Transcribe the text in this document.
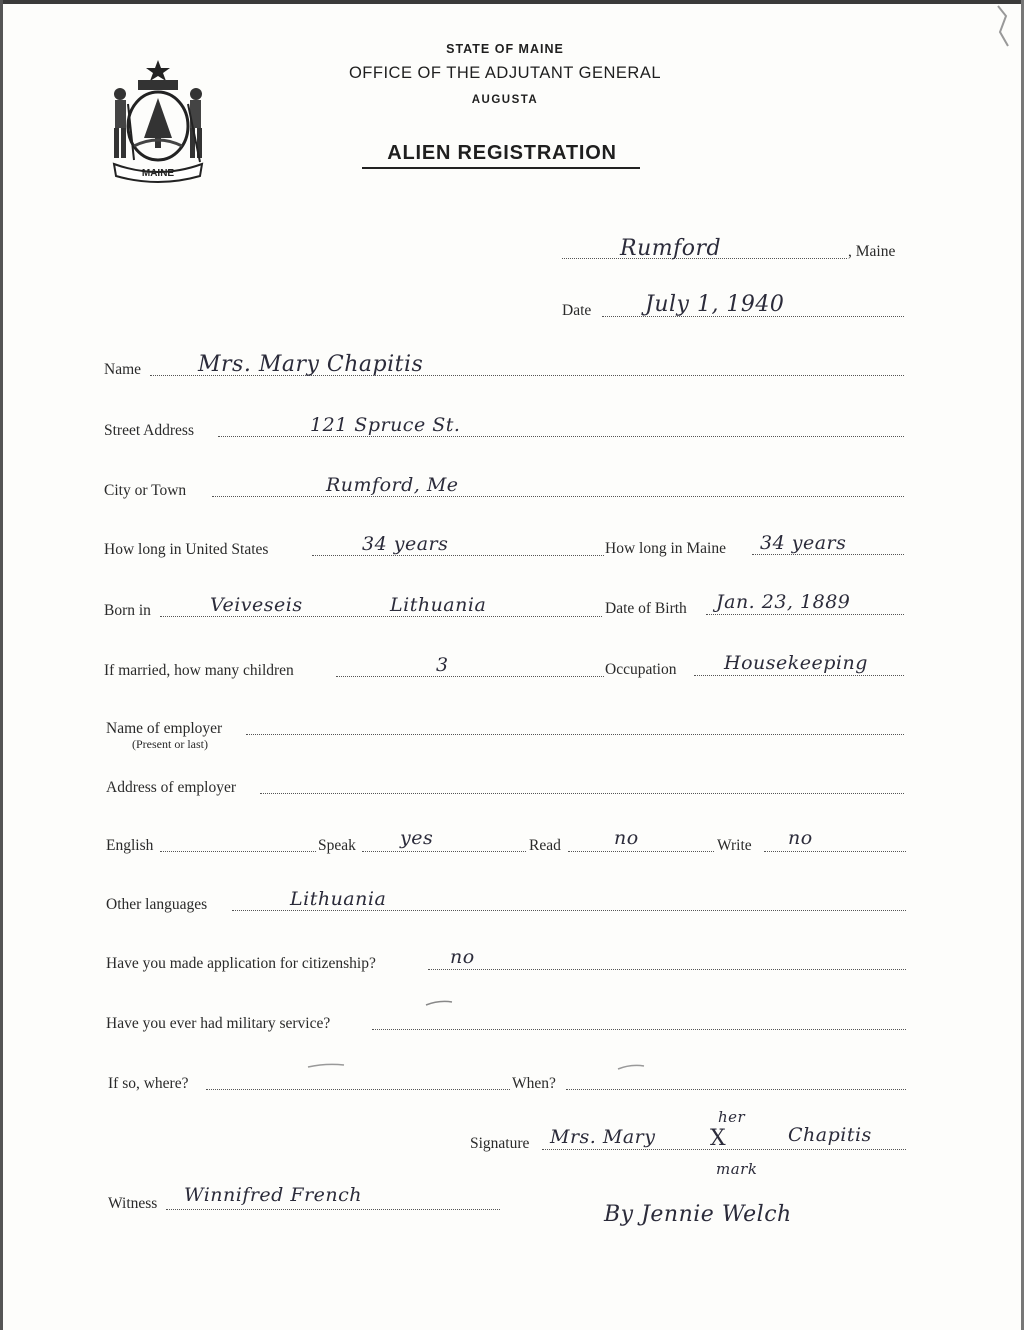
MAINE
STATE OF MAINE
OFFICE OF THE ADJUTANT GENERAL
AUGUSTA
ALIEN REGISTRATION
Rumford	, Maine
Date July 1, 1940
Name	Mrs. Mary Chapitis
Street Address	121 Spruce St.
City or Town	Rumford, Me
How long in United States	34 years	How long in Maine 34 years
Born in	Veiveseis	Lithuania	Date of Birth Jan. 23, 1889
If married, how many children	3	Occupation	Housekeeping
Name of employer
(Present or last)
Address of employer
English	Speak yes	Read	no	Write no
Other languages	Lithuania
Have you made application for citizenship?	no
Have you ever had military service?
If so, where?	When?
Signature Mrs. Mary
her
X	Chapitis
mark
By Jennie Welch
Witness Winnifred French
